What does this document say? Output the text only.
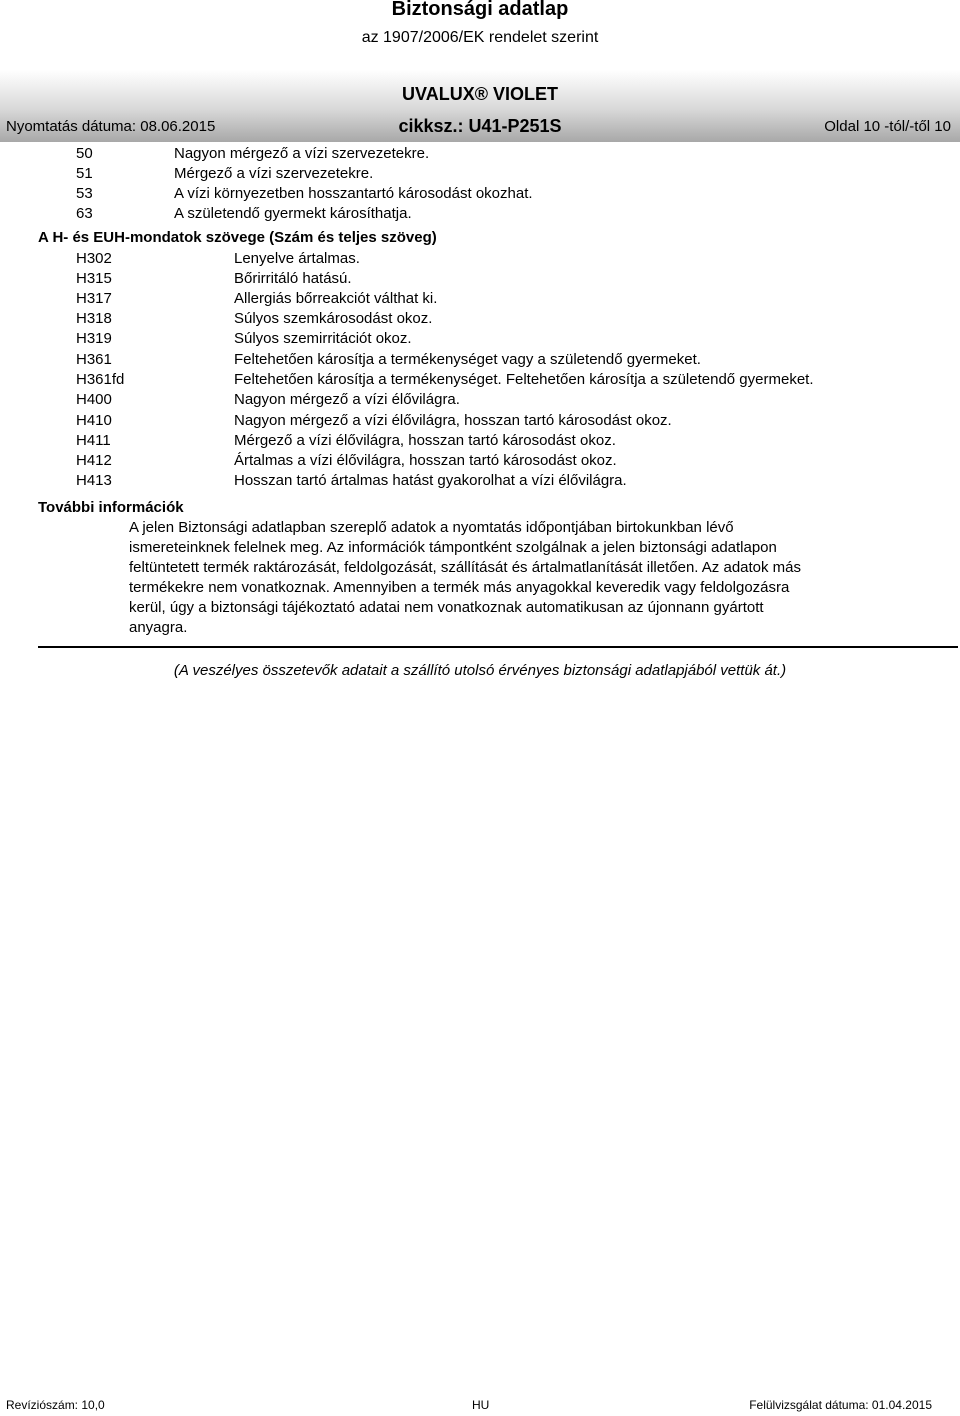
Biztonsági adatlap
az 1907/2006/EK rendelet szerint
UVALUX® VIOLET
Nyomtatás dátuma: 08.06.2015	cikksz.: U41-P251S	Oldal 10 -tól/-től 10
50	Nagyon mérgező a vízi szervezetekre.
51	Mérgező a vízi szervezetekre.
53	A vízi környezetben hosszantartó károsodást okozhat.
63	A születendő gyermekt károsíthatja.
A H- és EUH-mondatok szövege (Szám és teljes szöveg)
H302	Lenyelve ártalmas.
H315	Bőrirritáló hatású.
H317	Allergiás bőrreakciót válthat ki.
H318	Súlyos szemkárosodást okoz.
H319	Súlyos szemirritációt okoz.
H361	Feltehetően károsítja a termékenységet vagy a születendő gyermeket.
H361fd	Feltehetően károsítja a termékenységet. Feltehetően károsítja a születendő gyermeket.
H400	Nagyon mérgező a vízi élővilágra.
H410	Nagyon mérgező a vízi élővilágra, hosszan tartó károsodást okoz.
H411	Mérgező a vízi élővilágra, hosszan tartó károsodást okoz.
H412	Ártalmas a vízi élővilágra, hosszan tartó károsodást okoz.
H413	Hosszan tartó ártalmas hatást gyakorolhat a vízi élővilágra.
További információk
A jelen Biztonsági adatlapban szereplő adatok a nyomtatás időpontjában birtokunkban lévő
ismereteinknek felelnek meg. Az információk támpontként szolgálnak a jelen biztonsági adatlapon
feltüntetett termék raktározását, feldolgozását, szállítását és ártalmatlanítását illetően. Az adatok más
termékekre nem vonatkoznak. Amennyiben a termék más anyagokkal keveredik vagy feldolgozásra
kerül, úgy a biztonsági tájékoztató adatai nem vonatkoznak automatikusan az újonnann gyártott
anyagra.
(A veszélyes összetevők adatait a szállító utolsó érvényes biztonsági adatlapjából vettük át.)
Revíziószám: 10,0	HU	Felülvizsgálat dátuma: 01.04.2015
